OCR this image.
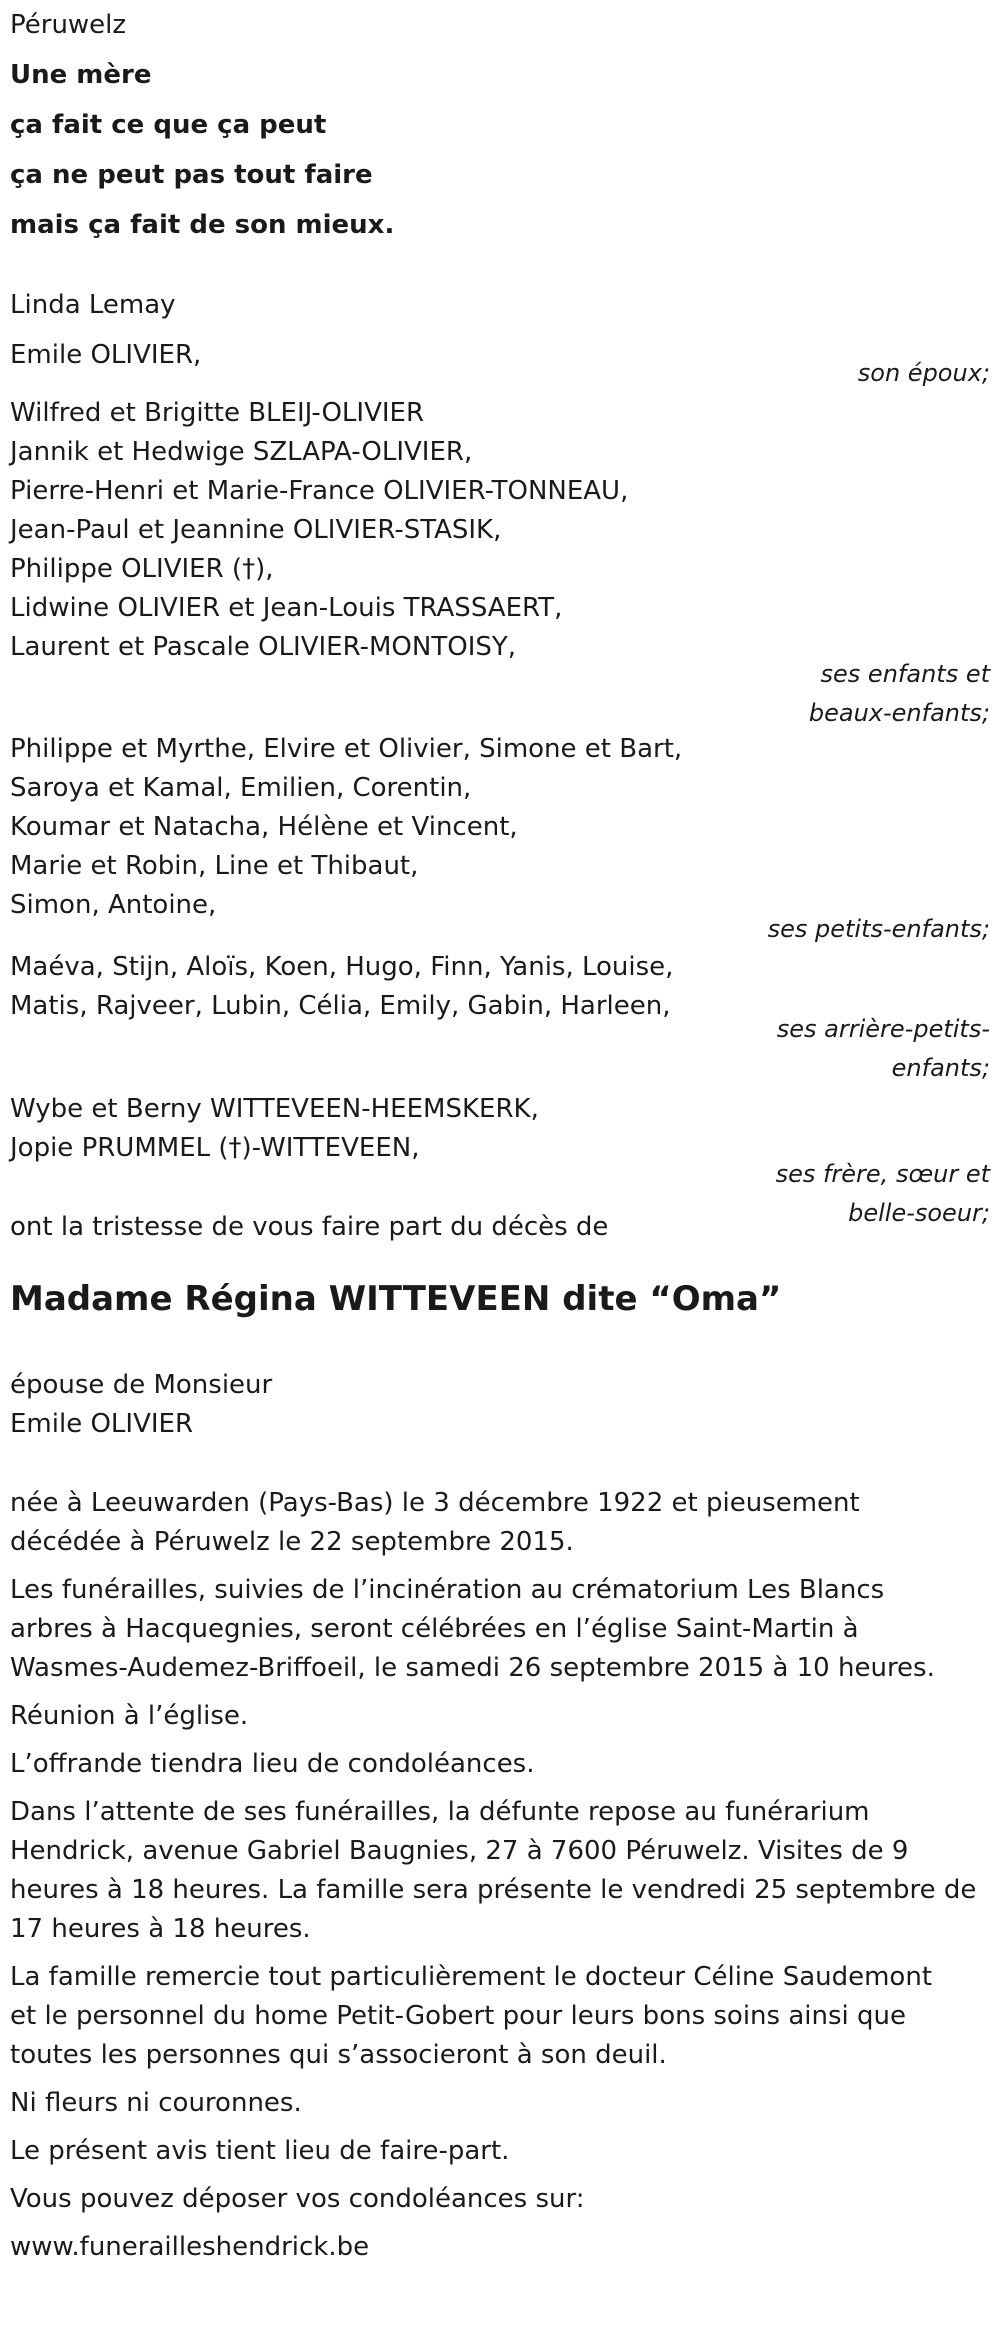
Péruwelz
Une mère
ça fait ce que ça peut
ça ne peut pas tout faire
mais ça fait de son mieux.
Linda Lemay
Emile OLIVIER,
son époux;
Wilfred et Brigitte BLEIJ-OLIVIER
Jannik et Hedwige SZLAPA-OLIVIER,
Pierre-Henri et Marie-France OLIVIER-TONNEAU,
Jean-Paul et Jeannine OLIVIER-STASIK,
Philippe OLIVIER (†),
Lidwine OLIVIER et Jean-Louis TRASSAERT,
Laurent et Pascale OLIVIER-MONTOISY,
ses enfants et
beaux-enfants;
Philippe et Myrthe, Elvire et Olivier, Simone et Bart,
Saroya et Kamal, Emilien, Corentin,
Koumar et Natacha, Hélène et Vincent,
Marie et Robin, Line et Thibaut,
Simon, Antoine,
ses petits-enfants;
Maéva, Stijn, Aloïs, Koen, Hugo, Finn, Yanis, Louise,
Matis, Rajveer, Lubin, Célia, Emily, Gabin, Harleen,
ses arrière-petits-
enfants;
Wybe et Berny WITTEVEEN-HEEMSKERK,
Jopie PRUMMEL (†)-WITTEVEEN,
ses frère, sœur et
belle-soeur;
ont la tristesse de vous faire part du décès de
Madame Régina WITTEVEEN dite “Oma”
épouse de Monsieur
Emile OLIVIER
née à Leeuwarden (Pays-Bas) le 3 décembre 1922 et pieusement
décédée à Péruwelz le 22 septembre 2015.
Les funérailles, suivies de l’incinération au crématorium Les Blancs
arbres à Hacquegnies, seront célébrées en l’église Saint-Martin à
Wasmes-Audemez-Briffoeil, le samedi 26 septembre 2015 à 10 heures.
Réunion à l’église.
L’offrande tiendra lieu de condoléances.
Dans l’attente de ses funérailles, la défunte repose au funérarium
Hendrick, avenue Gabriel Baugnies, 27 à 7600 Péruwelz. Visites de 9
heures à 18 heures. La famille sera présente le vendredi 25 septembre de
17 heures à 18 heures.
La famille remercie tout particulièrement le docteur Céline Saudemont
et le personnel du home Petit-Gobert pour leurs bons soins ainsi que
toutes les personnes qui s’associeront à son deuil.
Ni fleurs ni couronnes.
Le présent avis tient lieu de faire-part.
Vous pouvez déposer vos condoléances sur:
www.funerailleshendrick.be
